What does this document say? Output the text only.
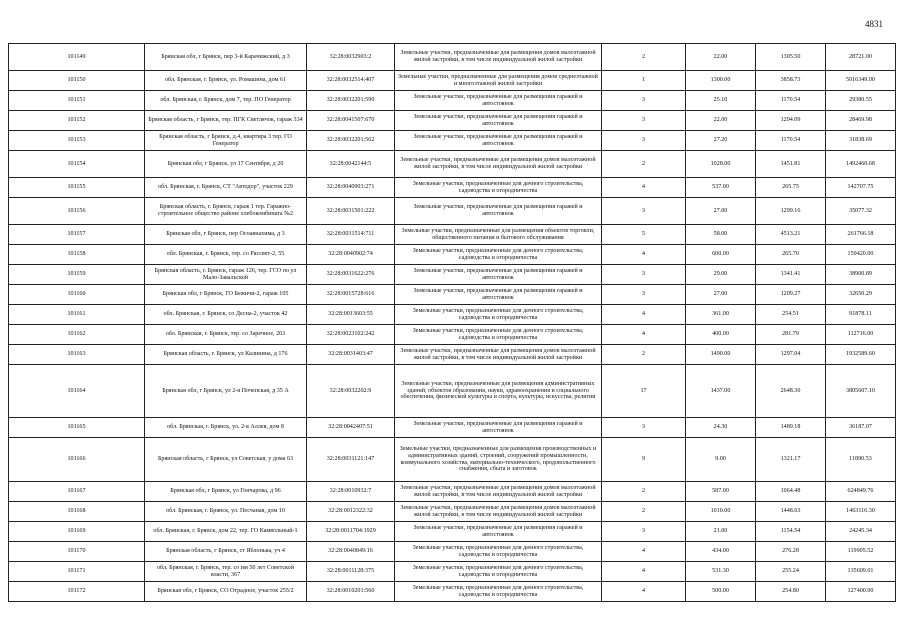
4831
101149	Брянская обл, г Брянск, пер 3-й Карачижский, д 3	32:28:0032903:2	Земельные участки, предназначенные для размещения домов малоэтажной жилой застройки, в том числе индивидуальной жилой застройки	2	22.00	1305.50	28721.00
101150	обл. Брянская, г. Брянск, ул. Ромашина, дом 61	32:28:0032514:407	Земельные участки, предназначенные для размещения домов среднеэтажной и многоэтажной жилой застройки	1	1300.00	3858.73	5016349.00
101151	обл. Брянская, г. Брянск, дом 7, тер. ПО Генератор	32:28:0032201:590	Земельные участки, предназначенные для размещения гаражей и автостоянок	3	25.10	1170.54	29380.55
101152	Брянская область, г Брянск, тер. ПГК Светлячок, гараж 334	32:28:0041507:670	Земельные участки, предназначенные для размещения гаражей и автостоянок	3	22.00	1294.09	28469.98
101153	Брянская область, г Брянск, д.4, квартира 3 тер. ГО Генератор	32:28:0032201:562	Земельные участки, предназначенные для размещения гаражей и автостоянок	3	27.20	1170.54	31838.69
101154	Брянская обл, г Брянск, ул 17 Сентября, д 20	32:28:0042144:5	Земельные участки, предназначенные для размещения домов малоэтажной жилой застройки, в том числе индивидуальной жилой застройки	2	1028.00	1451.81	1492460.68
101155	обл. Брянская, г. Брянск, СТ "Автодор", участок 229	32:28:0040903:271	Земельные участки, предназначенные для дачного строительства, садоводства и огородничества	4	537.00	265.75	142707.75
101156	Брянская область, г. Брянск, гараж 1 тер. Гаражно-строительное общество районе хлебокомбината №2	32:28:0031501:222	Земельные участки, предназначенные для размещения гаражей и автостоянок	3	27.00	1299.16	35077.32
101157	Брянская обл, г Брянск, пер Осоавиахима, д 3	32:28:0031514:711	Земельные участки, предназначенные для размещения объектов торговли, общественного питания и бытового обслуживания	5	58.00	4513.21	261766.18
101158	обл. Брянская, г. Брянск, тер. со Рассвет-2, 55	32:28:0040902:74	Земельные участки, предназначенные для дачного строительства, садоводства и огородничества	4	600.00	265.70	159420.00
101159	Брянская область, г. Брянск, гараж 126, тер. ГСО по ул Мало-Завальской	32:28:0031622:276	Земельные участки, предназначенные для размещения гаражей и автостоянок	3	29.00	1341.41	38900.89
101160	Брянская обл, г Брянск, ГО Бежичи-2, гараж 105	32:28:0015728:616	Земельные участки, предназначенные для размещения гаражей и автостоянок	3	27.00	1209.27	32650.29
101161	обл. Брянская, г. Брянск, со Десна-2, участок 42	32:28:0013603:55	Земельные участки, предназначенные для дачного строительства, садоводства и огородничества	4	361.00	254.51	91878.11
101162	обл. Брянская, г. Брянск, тер. со Заречное, 263	32:28:0023102:242	Земельные участки, предназначенные для дачного строительства, садоводства и огородничества	4	400.00	281.79	112716.00
101163	Брянская область, г. Брянск, ул Калинина, д 176	32:28:0031403:47	Земельные участки, предназначенные для размещения домов малоэтажной жилой застройки, в том числе индивидуальной жилой застройки	2	1490.00	1297.04	1932589.60
101164	Брянская обл, г Брянск, ул 2-я Почепская, д 35 А	32:28:0032202:9	Земельные участки, предназначенные для размещения административных зданий, объектов образования, науки, здравоохранения и социального обеспечения, физической культуры и спорта, культуры, искусства, религии	17	1437.00	2648.30	3805607.10
101165	обл. Брянская, г. Брянск, ул. 2-я Аллея, дом 8	32:28:0042407:51	Земельные участки, предназначенные для размещения гаражей и автостоянок	3	24.30	1489.18	36187.07
101166	Брянская область, г Брянск, ул Советская, у дома 63	32:28:0031121:147	Земельные участки, предназначенные для размещения производственных и административных зданий, строений, сооружений промышленности, коммунального хозяйства, материально-технического, продовольственного снабжения, сбыта и заготовок	9	9.00	1321.17	11890.53
101167	Брянская обл, г Брянск, ул Гончарова, д 96	32:28:0010932:7	Земельные участки, предназначенные для размещения домов малоэтажной жилой застройки, в том числе индивидуальной жилой застройки	2	587.00	1064.48	624849.76
101168	обл. Брянская, г. Брянск, ул. Песчаная, дом 10	32:28:0012322:32	Земельные участки, предназначенные для размещения домов малоэтажной жилой застройки, в том числе индивидуальной жилой застройки	2	1010.00	1448.63	1463116.30
101169	обл. Брянская, г. Брянск, дом 22, тер. ГО Камвольный-1	32:28:0011704:1929	Земельные участки, предназначенные для размещения гаражей и автостоянок	3	21.00	1154.54	24245.34
101170	Брянская область, г Брянск, ст Яблонька, уч 4	32:28:0040849:16	Земельные участки, предназначенные для дачного строительства, садоводства и огородничества	4	434.00	276.28	119905.52
101171	обл. Брянская, г. Брянск, тер. со им 50 лет Советской власти, 367	32:28:0011128:375	Земельные участки, предназначенные для дачного строительства, садоводства и огородничества	4	531.30	255.24	135609.01
101172	Брянская обл, г Брянск, СО Отрадное, участок 255/2	32:28:0010201:560	Земельные участки, предназначенные для дачного строительства, садоводства и огородничества	4	500.00	254.80	127400.00
